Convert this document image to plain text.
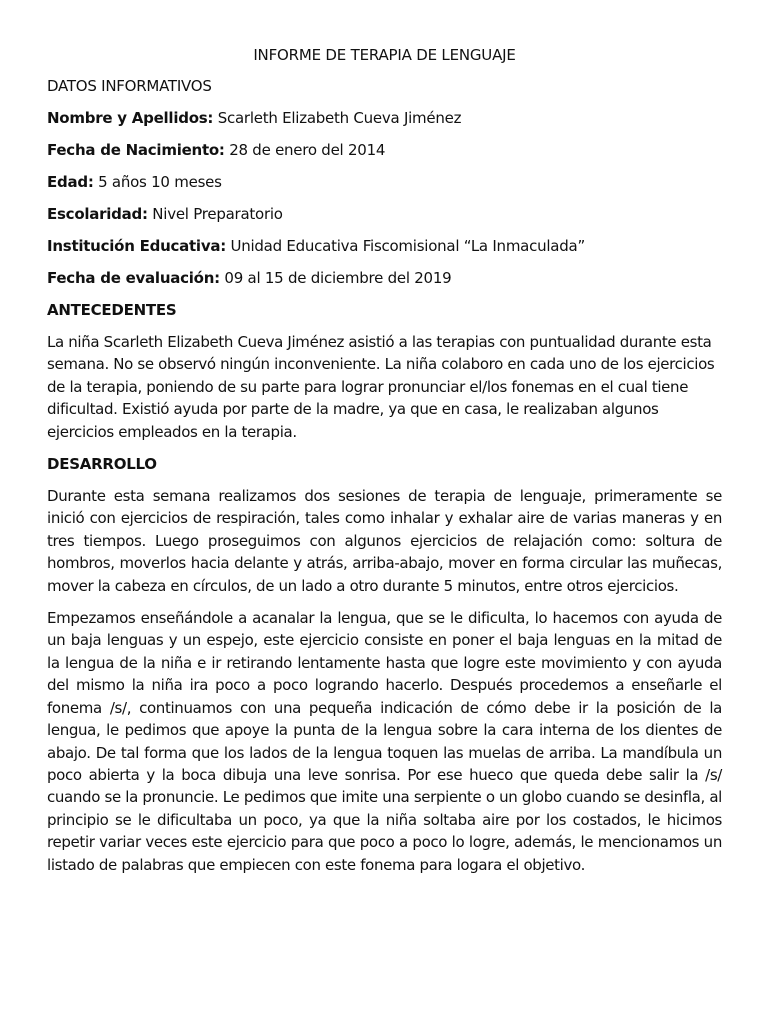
INFORME DE TERAPIA DE LENGUAJE
DATOS INFORMATIVOS
Nombre y Apellidos: Scarleth Elizabeth Cueva Jiménez
Fecha de Nacimiento: 28 de enero del 2014
Edad: 5 años 10 meses
Escolaridad: Nivel Preparatorio
Institución Educativa: Unidad Educativa Fiscomisional “La Inmaculada”
Fecha de evaluación: 09 al 15 de diciembre del 2019
ANTECEDENTES
La niña Scarleth Elizabeth Cueva Jiménez asistió a las terapias con puntualidad durante esta semana. No se observó ningún inconveniente. La niña colaboro en cada uno de los ejercicios de la terapia, poniendo de su parte para lograr pronunciar el/los fonemas en el cual tiene dificultad. Existió ayuda por parte de la madre, ya que en casa, le realizaban algunos ejercicios empleados en la terapia.
DESARROLLO
Durante esta semana realizamos dos sesiones de terapia de lenguaje, primeramente se inició con ejercicios de respiración, tales como inhalar y exhalar aire de varias maneras y en tres tiempos. Luego proseguimos con algunos ejercicios de relajación como: soltura de hombros, moverlos hacia delante y atrás, arriba-abajo, mover en forma circular las muñecas, mover la cabeza en círculos, de un lado a otro durante 5 minutos, entre otros ejercicios.
Empezamos enseñándole a acanalar la lengua, que se le dificulta, lo hacemos con ayuda de un baja lenguas y un espejo, este ejercicio consiste en poner el baja lenguas en la mitad de la lengua de la niña e ir retirando lentamente hasta que logre este movimiento y con ayuda del mismo la niña ira poco a poco logrando hacerlo. Después procedemos a enseñarle el fonema /s/, continuamos con una pequeña indicación de cómo debe ir la posición de la lengua, le pedimos que apoye la punta de la lengua sobre la cara interna de los dientes de abajo. De tal forma que los lados de la lengua toquen las muelas de arriba. La mandíbula un poco abierta y la boca dibuja una leve sonrisa. Por ese hueco que queda debe salir la /s/ cuando se la pronuncie. Le pedimos que imite una serpiente o un globo cuando se desinfla, al principio se le dificultaba un poco, ya que la niña soltaba aire por los costados, le hicimos repetir variar veces este ejercicio para que poco a poco lo logre, además, le mencionamos un listado de palabras que empiecen con este fonema para logara el objetivo.
